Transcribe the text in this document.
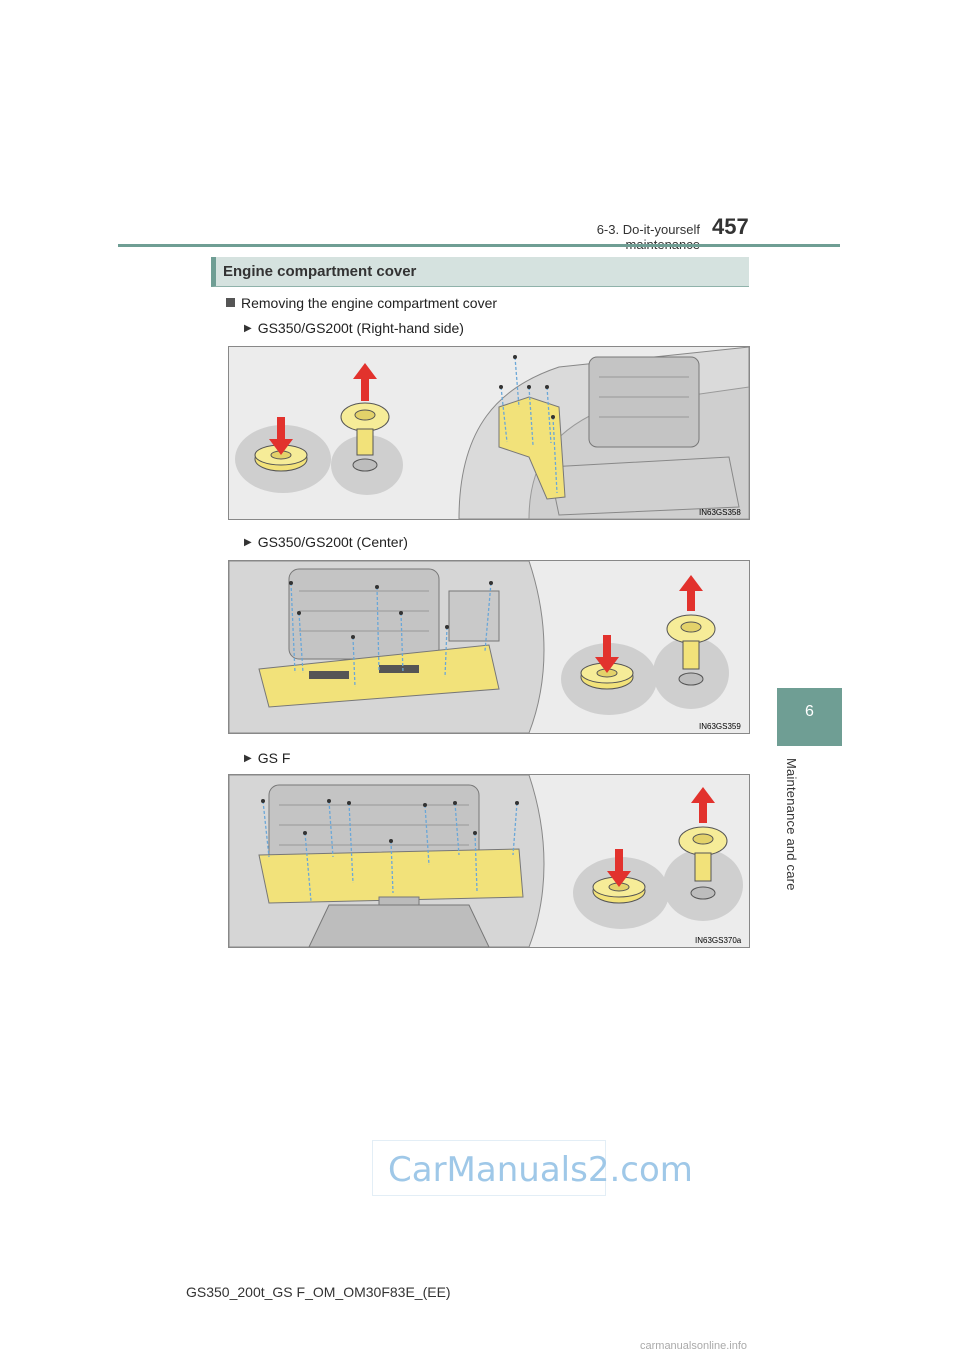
6-3. Do-it-yourself 457
6
Maintenance and care
Engine compartment cover
Removing the engine compartment cover
▶ GS350/GS200t (Right-hand side)
IN63GS358
▶ GS350/GS200t (Center)
IN63GS359
▶ GS F
IN63GS370a
CarManuals2.com
GS350_200t_GS F_OM_OM30F83E_(EE)
carmanualsonline.info
